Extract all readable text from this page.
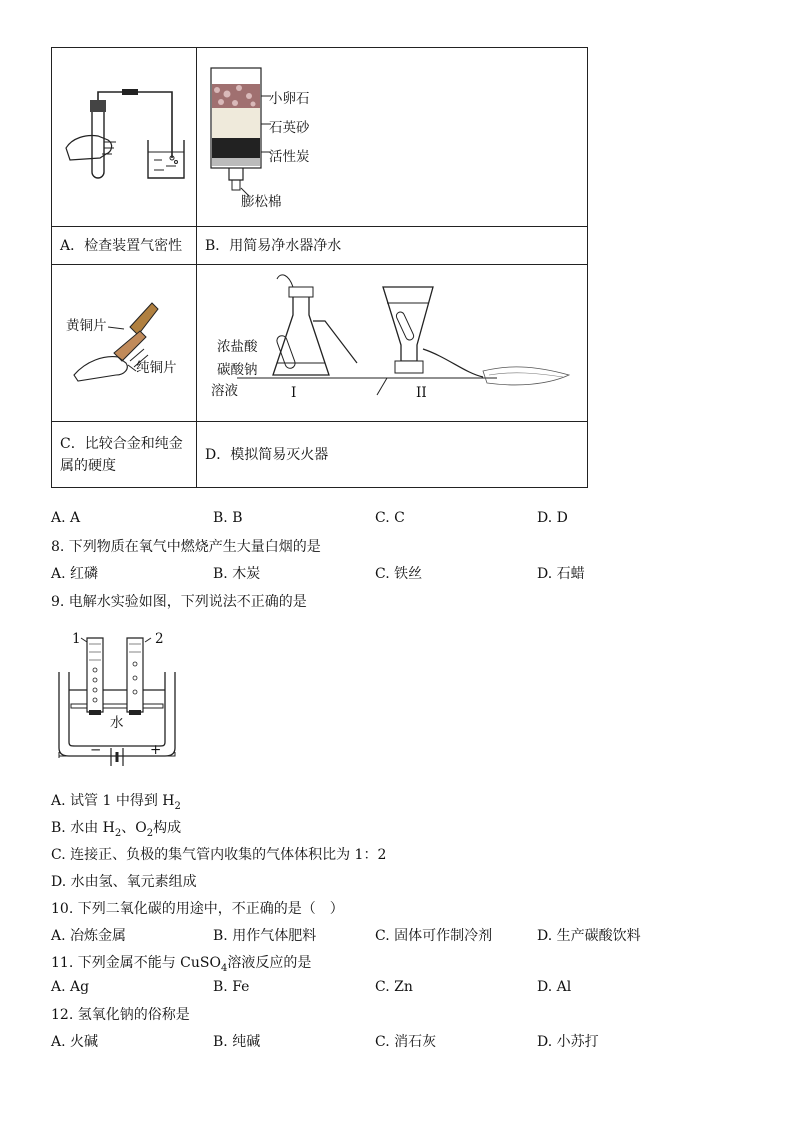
小卵石
石英砂
活性炭
膨松棉

A．检查装置气密性	B．用简易净水器净水

黄铜片
纯铜片	浓盐酸
碳酸钠
溶液 I II

C．比较合金和纯金
属的硬度	D．模拟简易灭火器
A. A	B. B	C. C	D. D
8. 下列物质在氧气中燃烧产生大量白烟的是
A. 红磷	B. 木炭	C. 铁丝	D. 石蜡
9. 电解水实验如图，下列说法不正确的是
1	2
水
−	+
A. 试管 1 中得到 $H_2$
B. 水由 $H_2$、$O_2$构成
C. 连接正、负极的集气管内收集的气体体积比为 1：2
D. 水由氢、氧元素组成
10. 下列二氧化碳的用途中，不正确的是（　）
A. 冶炼金属	B. 用作气体肥料	C. 固体可作制冷剂	D. 生产碳酸饮料
11. 下列金属不能与 CuSO$_4$溶液反应的是
A. Ag	B. Fe	C. Zn	D. Al
12. 氢氧化钠的俗称是
A. 火碱	B. 纯碱	C. 消石灰	D. 小苏打
